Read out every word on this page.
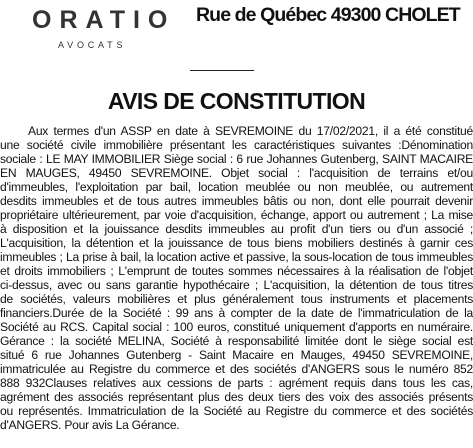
ORATIO
AVOCATS
Rue de Québec 49300 CHOLET
AVIS DE CONSTITUTION
Aux termes d'un ASSP en date à SEVREMOINE du 17/02/2021, il a été constitué
une société civile immobilière présentant les caractéristiques suivantes :Dénomination
sociale : LE MAY IMMOBILIER Siège social : 6 rue Johannes Gutenberg, SAINT MACAIRE
EN MAUGES, 49450 SEVREMOINE. Objet social : l'acquisition de terrains et/ou
d'immeubles, l'exploitation par bail, location meublée ou non meublée, ou autrement
desdits immeubles et de tous autres immeubles bâtis ou non, dont elle pourrait devenir
propriétaire ultérieurement, par voie d'acquisition, échange, apport ou autrement ; La mise
à disposition et la jouissance desdits immeubles au profit d'un tiers ou d'un associé ;
L'acquisition, la détention et la jouissance de tous biens mobiliers destinés à garnir ces
immeubles ; La prise à bail, la location active et passive, la sous-location de tous immeubles
et droits immobiliers ; L'emprunt de toutes sommes nécessaires à la réalisation de l'objet
ci-dessus, avec ou sans garantie hypothécaire ; L'acquisition, la détention de tous titres
de sociétés, valeurs mobilières et plus généralement tous instruments et placements
financiers.Durée de la Société : 99 ans à compter de la date de l'immatriculation de la
Société au RCS. Capital social : 100 euros, constitué uniquement d'apports en numéraire.
Gérance : la société MELINA, Société à responsabilité limitée dont le siège social est
situé 6 rue Johannes Gutenberg - Saint Macaire en Mauges, 49450 SEVREMOINE,
immatriculée au Registre du commerce et des sociétés d'ANGERS sous le numéro 852
888 932Clauses relatives aux cessions de parts : agrément requis dans tous les cas,
agrément des associés représentant plus des deux tiers des voix des associés présents
ou représentés. Immatriculation de la Société au Registre du commerce et des sociétés
d'ANGERS. Pour avis La Gérance.
